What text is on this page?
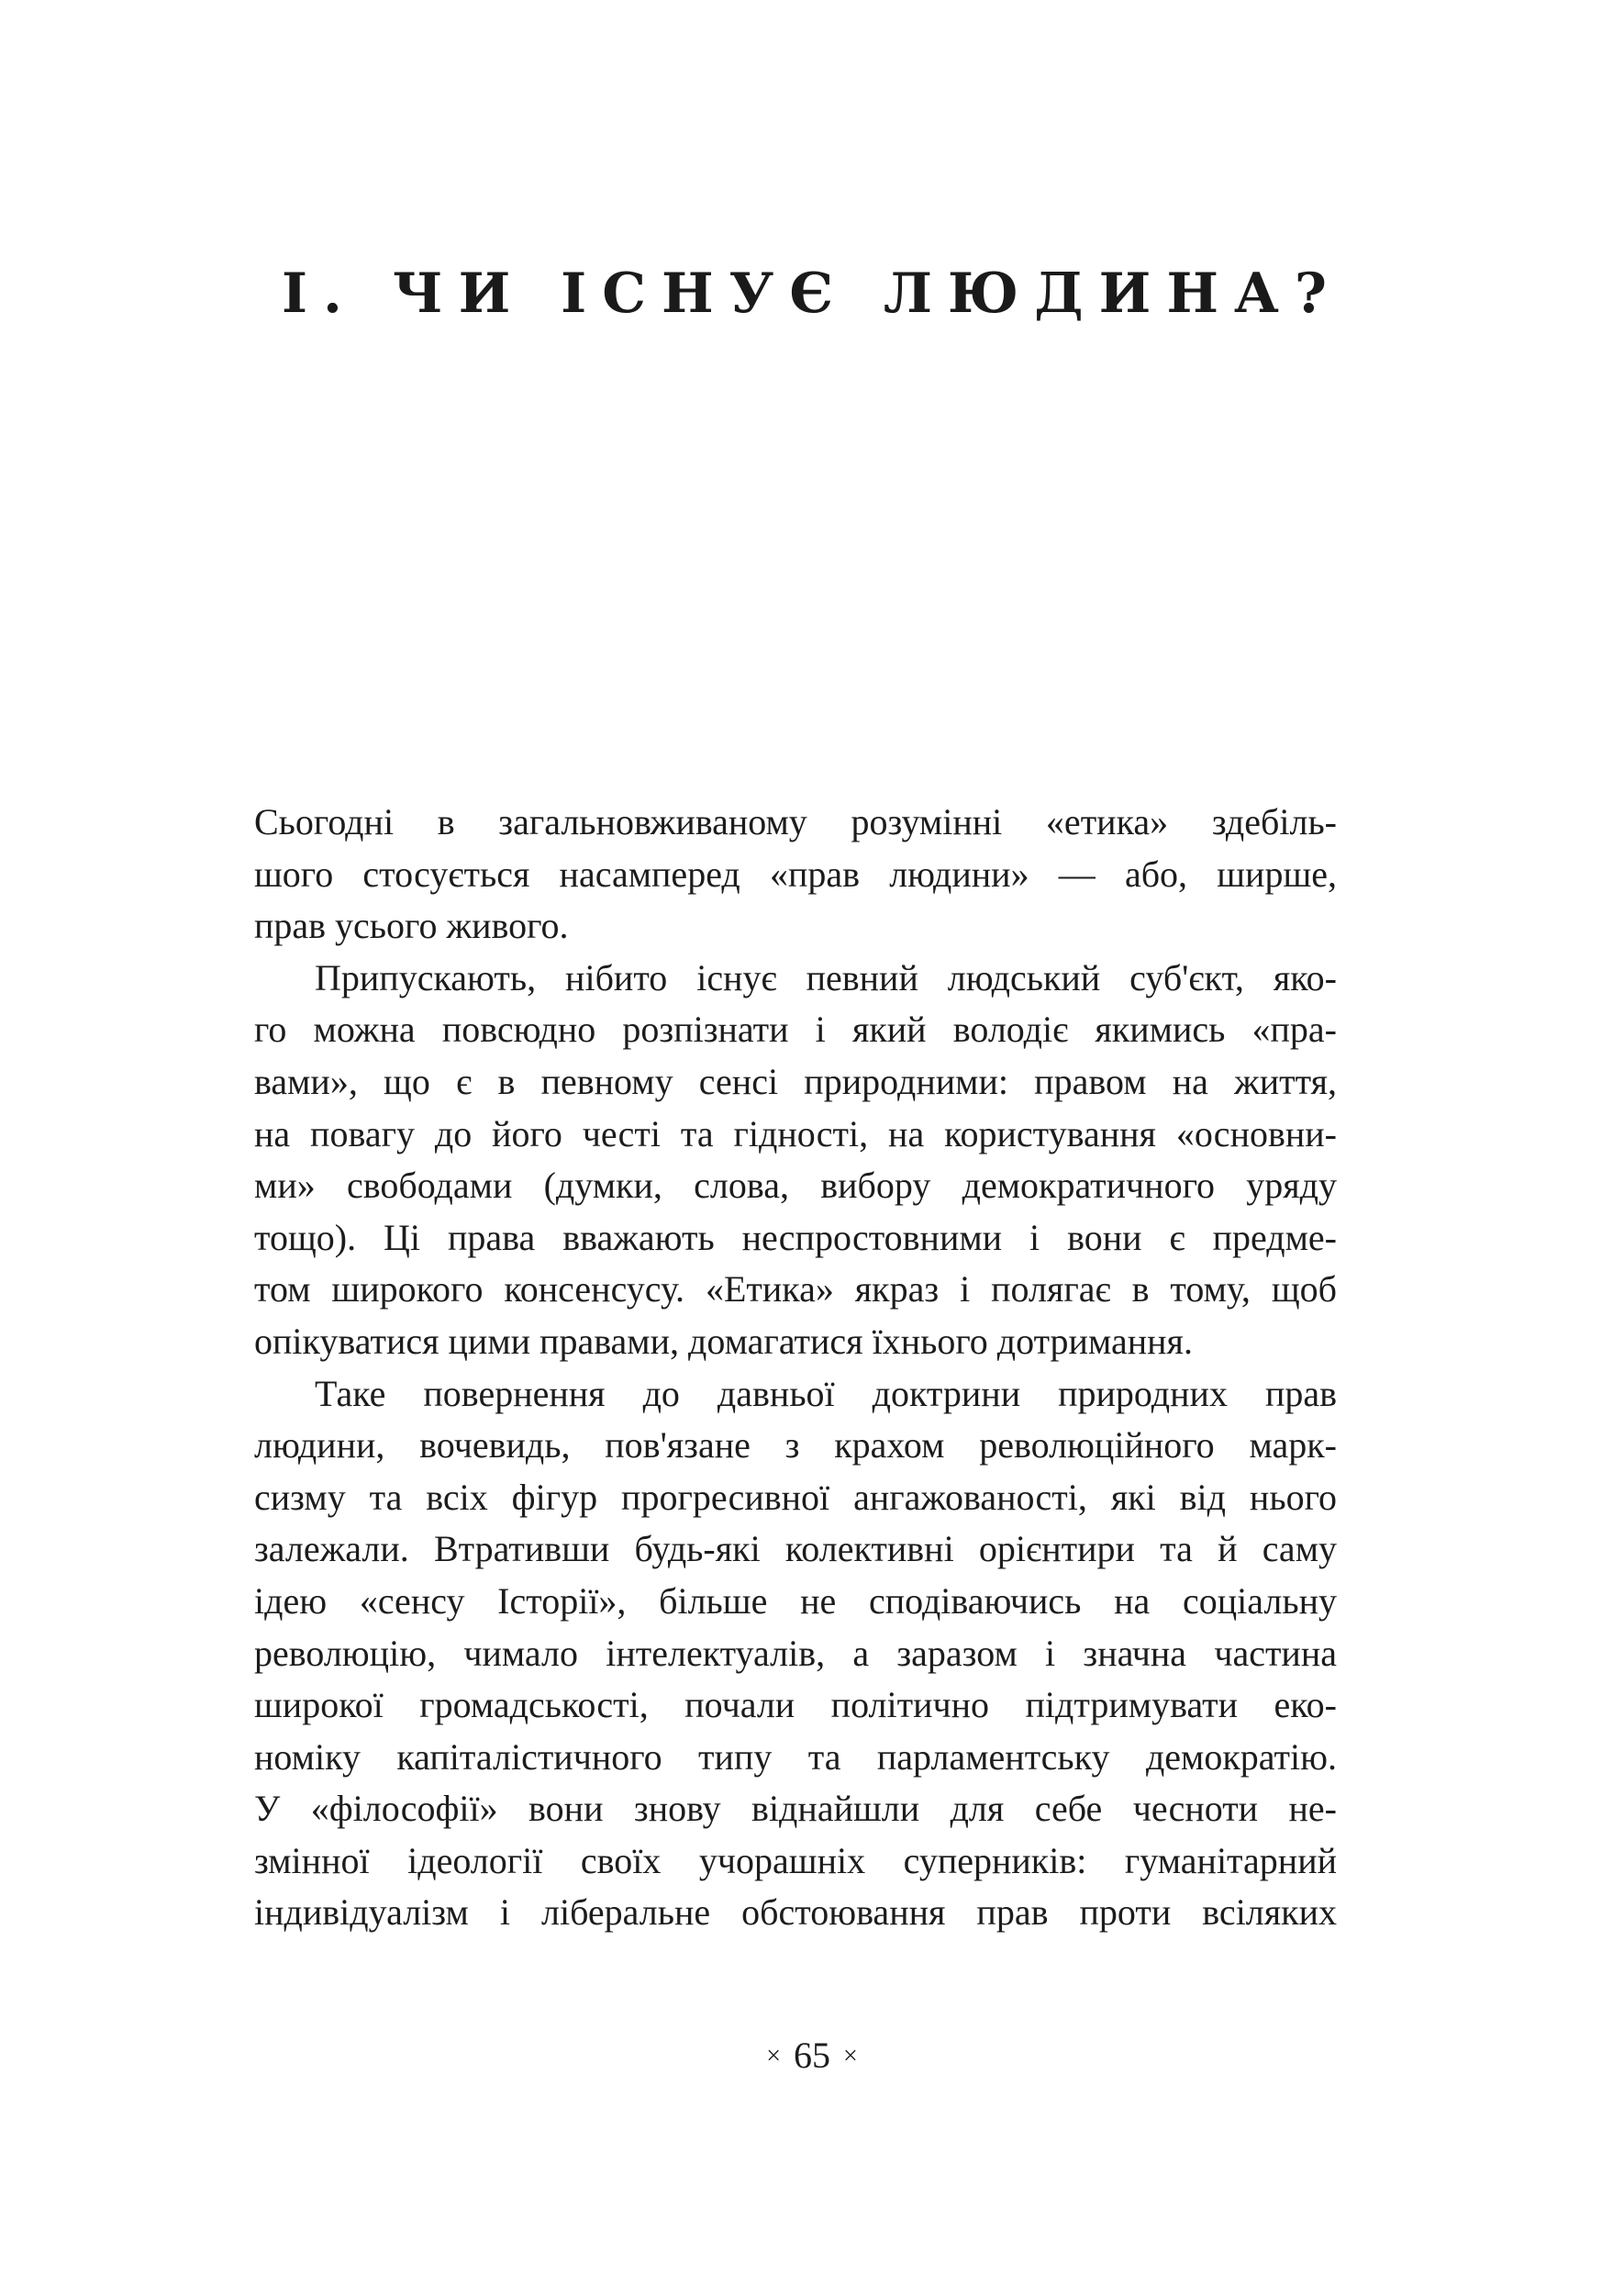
І. ЧИ ІСНУЄ ЛЮДИНА?

Сьогодні в загальновживаному розумінні «етика» здебіль-
шого стосується насамперед «прав людини» — або, ширше,
прав усього живого.

Припускають, нібито існує певний людський суб'єкт, яко-
го можна повсюдно розпізнати і який володіє якимись «пра-
вами», що є в певному сенсі природними: правом на життя,
на повагу до його честі та гідності, на користування «основни-
ми» свободами (думки, слова, вибору демократичного уряду
тощо). Ці права вважають неспростовними і вони є предме-
том широкого консенсусу. «Етика» якраз і полягає в тому, щоб
опікуватися цими правами, домагатися їхнього дотримання.

Таке повернення до давньої доктрини природних прав
людини, вочевидь, пов'язане з крахом революційного марк-
сизму та всіх фігур прогресивної ангажованості, які від нього
залежали. Втративши будь-які колективні орієнтири та й саму
ідею «сенсу Історії», більше не сподіваючись на соціальну
революцію, чимало інтелектуалів, а заразом і значна частина
широкої громадськості, почали політично підтримувати еко-
номіку капіталістичного типу та парламентську демократію.
У «філософії» вони знову віднайшли для себе чесноти не-
змінної ідеології своїх учорашніх суперників: гуманітарний
індивідуалізм і ліберальне обстоювання прав проти всіляких

× 65 ×
